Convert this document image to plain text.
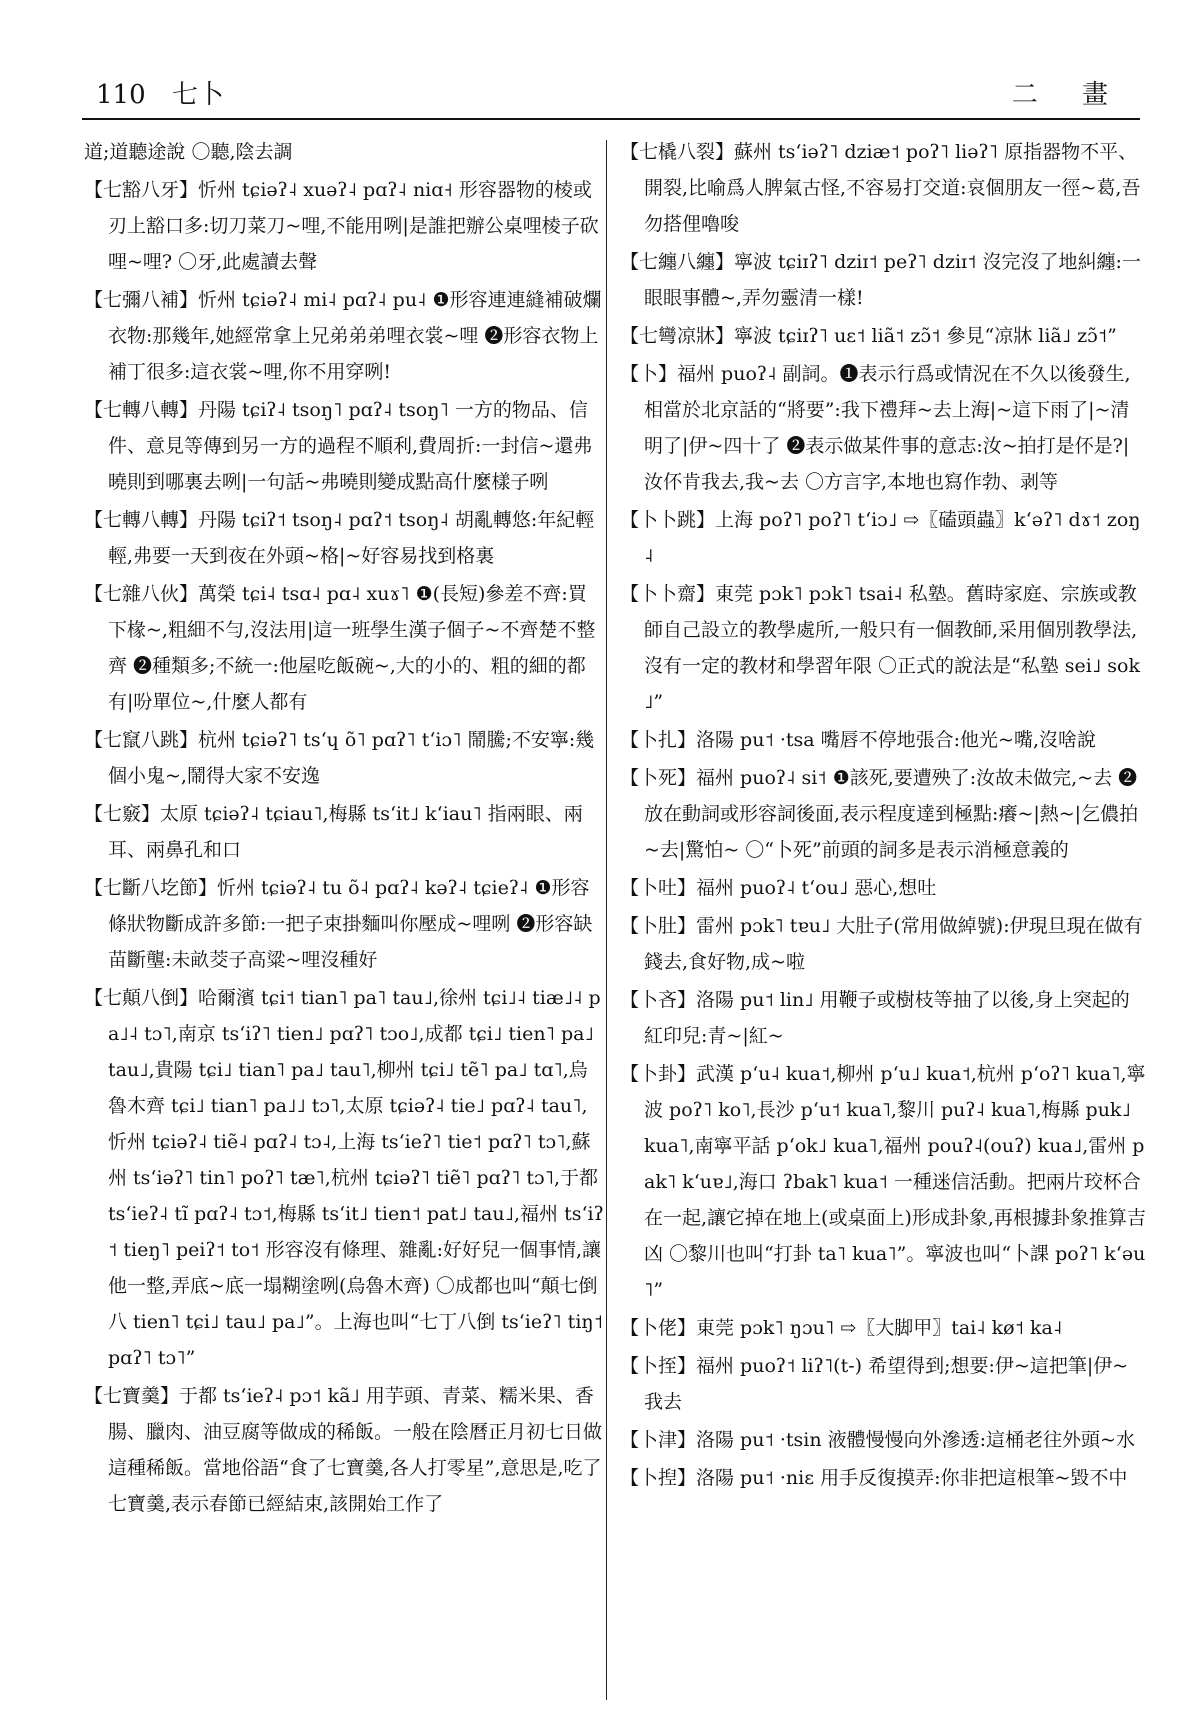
110 七卜	二 畫

道;道聽途說 〇聽,陰去調

【七豁八牙】忻州 tɕiəʔ˨ xuəʔ˨ pɑʔ˨ niɑ˧ 形容器物的棱或刃上豁口多:切刀菜刀~哩,不能用咧|是誰把辦公桌哩棱子砍哩~哩? 〇牙,此處讀去聲

【七彌八補】忻州 tɕiəʔ˨ mi˨ pɑʔ˨ pu˨ ❶形容連連縫補破爛衣物:那幾年,她經常拿上兄弟弟弟哩衣裳~哩 ❷形容衣物上補丁很多:這衣裳~哩,你不用穿咧!

【七轉八轉】丹陽 tɕiʔ˨ tsoŋ˥ pɑʔ˨ tsoŋ˥ 一方的物品、信件、意見等傳到另一方的過程不順利,費周折:一封信~還弗曉則到哪裏去咧|一句話~弗曉則變成點高什麼樣子咧

【七轉八轉】丹陽 tɕiʔ˦ tsoŋ˨ pɑʔ˦ tsoŋ˨ 胡亂轉悠:年紀輕輕,弗要一天到夜在外頭~格|~好容易找到格裏

【七雜八伙】萬榮 tɕi˨ tsɑ˨ pɑ˨ xuɤ˥ ❶(長短)參差不齊:買下椽~,粗細不勻,沒法用|這一班學生漢子個子~不齊楚不整齊 ❷種類多;不統一:他屋吃飯碗~,大的小的、粗的細的都有|吩單位~,什麼人都有

【七竄八跳】杭州 tɕiəʔ˥ tsʻɥ õ˥ pɑʔ˥ tʻiɔ˥ 鬧騰;不安寧:幾個小鬼~,鬧得大家不安逸

【七竅】太原 tɕiəʔ˨ tɕiau˥,梅縣 tsʻit˩ kʻiau˥ 指兩眼、兩耳、兩鼻孔和口

【七斷八圪節】忻州 tɕiəʔ˨ tu õ˨ pɑʔ˨ kəʔ˨ tɕieʔ˨ ❶形容條狀物斷成許多節:一把子束掛麵叫你壓成~哩咧 ❷形容缺苗斷壟:未畝茭子高粱~哩沒種好

【七顛八倒】哈爾濱 tɕi˦ tian˥ pa˥ tau˩,徐州 tɕi˩˨ tiæ˩˨ pa˩˨ tɔ˥,南京 tsʻiʔ˥ tien˩ pɑʔ˥ tɔo˩,成都 tɕi˩ tien˥ pa˩ tau˩,貴陽 tɕi˩ tian˥ pa˩ tau˥,柳州 tɕi˩ tẽ˥ pa˩ tɑ˥,烏魯木齊 tɕi˩ tian˥ pa˩˩ tɔ˥,太原 tɕiəʔ˨ tie˩ pɑʔ˨ tau˥,忻州 tɕiəʔ˨ tiẽ˨ pɑʔ˨ tɔ˨,上海 tsʻieʔ˥ tie˦ pɑʔ˥ tɔ˥,蘇州 tsʻiəʔ˥ tin˥ poʔ˥ tæ˥,杭州 tɕiəʔ˥ tiẽ˥ pɑʔ˥ tɔ˥,于都 tsʻieʔ˨ tĩ pɑʔ˨ tɔ˦,梅縣 tsʻit˩ tien˦ pat˩ tau˩,福州 tsʻiʔ˦ tieŋ˥ peiʔ˦ to˦ 形容沒有條理、雜亂:好好兒一個事情,讓他一整,弄底~底一塌糊塗咧(烏魯木齊) 〇成都也叫“顛七倒八 tien˥ tɕi˩ tau˩ pa˩”。上海也叫“七丁八倒 tsʻieʔ˥ tiŋ˦ pɑʔ˥ tɔ˥”

【七寶羹】于都 tsʻieʔ˨ pɔ˦ kã˩ 用芋頭、青菜、糯米果、香腸、臘肉、油豆腐等做成的稀飯。一般在陰曆正月初七日做這種稀飯。當地俗語“食了七寶羹,各人打零星”,意思是,吃了七寶羹,表示春節已經結束,該開始工作了

【七橇八裂】蘇州 tsʻiəʔ˥ dziæ˦ poʔ˥ liəʔ˥ 原指器物不平、開裂,比喻爲人脾氣古怪,不容易打交道:哀個朋友一徑~葛,吾勿搭俚嚕唆

【七纏八纏】寧波 tɕiɪʔ˥ dziɪ˦ peʔ˥ dziɪ˦ 沒完沒了地糾纏:一眼眼事體~,弄勿靈清一樣!

【七彎凉牀】寧波 tɕiɪʔ˥ uɛ˦ liã˦ zɔ̃˦ 參見“凉牀 liã˩ zɔ̃˦”

【卜】福州 puoʔ˨ 副詞。❶表示行爲或情況在不久以後發生,相當於北京話的“將要”:我下禮拜~去上海|~這下雨了|~清明了|伊~四十了 ❷表示做某件事的意志:汝~拍打是伓是?|汝伓肯我去,我~去 〇方言字,本地也寫作勃、剥等

【卜卜跳】上海 poʔ˥ poʔ˥ tʻiɔ˩ ⇨〖磕頭蟲〗kʻəʔ˥ dɤ˦ zoŋ˨

【卜卜齋】東莞 pɔk˥ pɔk˥ tsai˨ 私塾。舊時家庭、宗族或教師自己設立的教學處所,一般只有一個教師,采用個別教學法,沒有一定的教材和學習年限 〇正式的說法是“私塾 sei˩ sok˩”

【卜扎】洛陽 pu˦ ·tsa 嘴唇不停地張合:他光~嘴,沒啥說

【卜死】福州 puoʔ˨ si˦ ❶該死,要遭殃了:汝故未做完,~去 ❷放在動詞或形容詞後面,表示程度達到極點:癢~|熱~|乞儂拍~去|驚怕~ 〇“卜死”前頭的詞多是表示消極意義的

【卜吐】福州 puoʔ˨ tʻou˩ 惡心,想吐

【卜肚】雷州 pɔk˥ tɐu˩ 大肚子(常用做綽號):伊現旦現在做有錢去,食好物,成~啦

【卜吝】洛陽 pu˦ lin˩ 用鞭子或樹枝等抽了以後,身上突起的紅印兒:青~|紅~

【卜卦】武漢 pʻu˨ kua˦,柳州 pʻu˩ kua˦,杭州 pʻoʔ˥ kua˥,寧波 poʔ˥ ko˥,長沙 pʻu˦ kua˥,黎川 puʔ˨ kua˥,梅縣 puk˩ kua˥,南寧平話 pʻok˩ kua˥,福州 pouʔ˨(ouʔ) kua˩,雷州 pak˥ kʻuɐ˩,海口 ʔbak˥ kua˦ 一種迷信活動。把兩片珓杯合在一起,讓它掉在地上(或桌面上)形成卦象,再根據卦象推算吉凶 〇黎川也叫“打卦 ta˥ kua˥”。寧波也叫“卜課 poʔ˥ kʻəu˥”

【卜佬】東莞 pɔk˥ ŋɔu˥ ⇨〖大脚甲〗tai˨ kø˦ ka˨

【卜挃】福州 puoʔ˦ liʔ˥(t-) 希望得到;想要:伊~這把筆|伊~我去

【卜津】洛陽 pu˦ ·tsin 液體慢慢向外滲透:這桶老往外頭~水

【卜揑】洛陽 pu˦ ·niɛ 用手反復摸弄:你非把這根筆~毀不中
